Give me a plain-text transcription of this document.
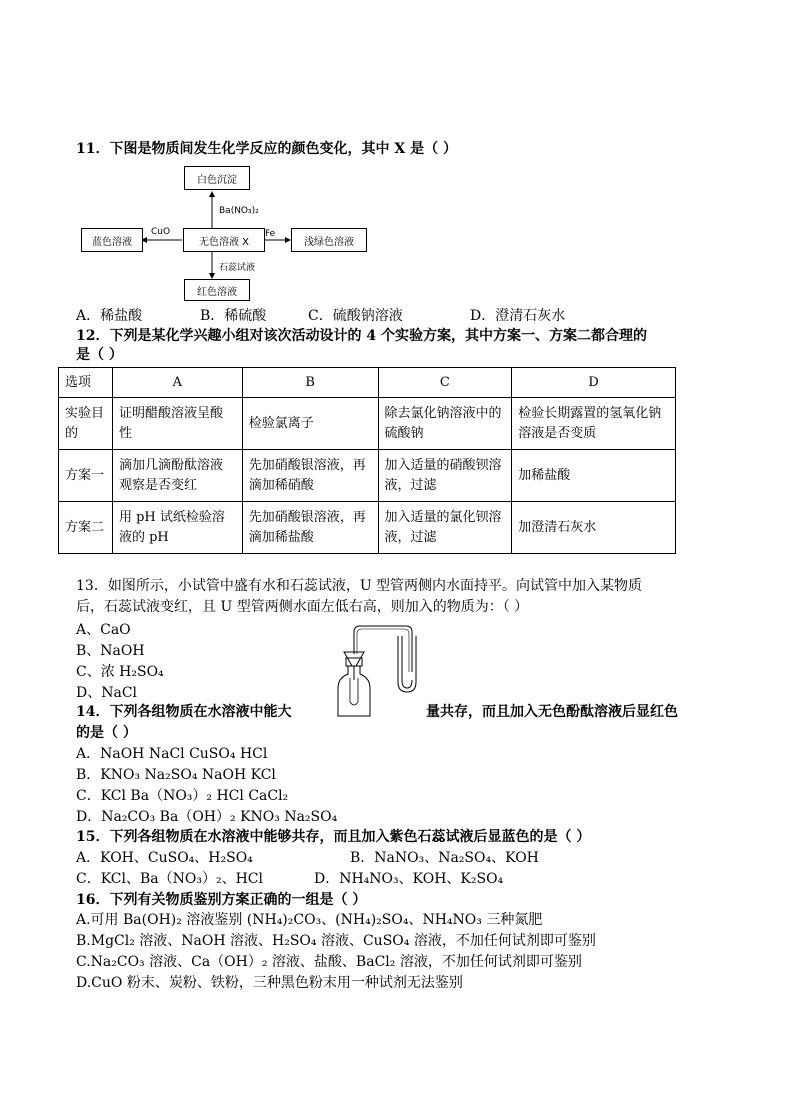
11．下图是物质间发生化学反应的颜色变化，其中 X 是（ ）
白色沉淀
蓝色溶液	无色溶液 X	浅绿色溶液
红色溶液
Ba(NO₃)₂
CuO	Fe
石蕊试液
A．稀盐酸	B．稀硫酸	C．硫酸钠溶液	D．澄清石灰水
12．下列是某化学兴趣小组对该次活动设计的 4 个实验方案，其中方案一、方案二都合理的
是（ ）
选项	A	B	C	D
实验目的	证明醋酸溶液呈酸性	检验氯离子	除去氯化钠溶液中的硫酸钠	检验长期露置的氢氧化钠溶液是否变质
方案一	滴加几滴酚酞溶液观察是否变红	先加硝酸银溶液，再滴加稀硝酸	加入适量的硝酸钡溶液，过滤	加稀盐酸
方案二	用 pH 试纸检验溶液的 pH	先加硝酸银溶液，再滴加稀盐酸	加入适量的氯化钡溶液，过滤	加澄清石灰水
13．如图所示，小试管中盛有水和石蕊试液，U 型管两侧内水面持平。向试管中加入某物质
后，石蕊试液变红，且 U 型管两侧水面左低右高，则加入的物质为：（ ）
A、CaO
B、NaOH
C、浓 H₂SO₄
D、NaCl
14．下列各组物质在水溶液中能大	量共存，而且加入无色酚酞溶液后显红色
的是（ ）
A．NaOH NaCl CuSO₄ HCl
B．KNO₃ Na₂SO₄ NaOH KCl
C．KCl Ba（NO₃）₂ HCl CaCl₂
D．Na₂CO₃ Ba（OH）₂ KNO₃ Na₂SO₄
15．下列各组物质在水溶液中能够共存，而且加入紫色石蕊试液后显蓝色的是（ ）
A．KOH、CuSO₄、H₂SO₄	B．NaNO₃、Na₂SO₄、KOH
C．KCl、Ba（NO₃）₂、HCl	D．NH₄NO₃、KOH、K₂SO₄
16．下列有关物质鉴别方案正确的一组是（ ）
A.可用 Ba(OH)₂ 溶液鉴别 (NH₄)₂CO₃、(NH₄)₂SO₄、NH₄NO₃ 三种氮肥
B.MgCl₂ 溶液、NaOH 溶液、H₂SO₄ 溶液、CuSO₄ 溶液，不加任何试剂即可鉴别
C.Na₂CO₃ 溶液、Ca（OH）₂ 溶液、盐酸、BaCl₂ 溶液，不加任何试剂即可鉴别
D.CuO 粉末、炭粉、铁粉，三种黑色粉末用一种试剂无法鉴别
